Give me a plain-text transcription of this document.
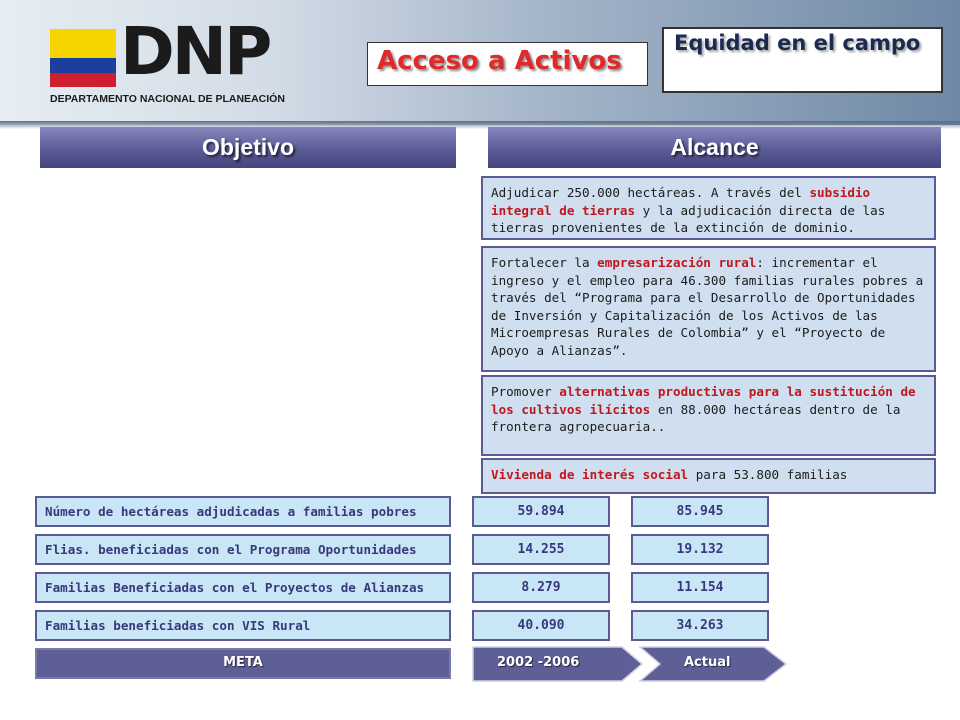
DNP
DEPARTAMENTO NACIONAL DE PLANEACIÓN
Acceso a Activos
Equidad en el campo
Objetivo	Alcance
Adjudicar 250.000 hectáreas. A través del subsidio integral de tierras y la adjudicación directa de las tierras provenientes de la extinción de dominio.
Fortalecer la empresarización rural: incrementar el ingreso y el empleo para 46.300 familias rurales pobres a través del “Programa para el Desarrollo de Oportunidades de Inversión y Capitalización de los Activos de las Microempresas Rurales de Colombia” y el “Proyecto de Apoyo a Alianzas”.
Promover alternativas productivas para la sustitución de los cultivos ilícitos en 88.000 hectáreas dentro de la frontera agropecuaria..
Vivienda de interés social para 53.800 familias
Número de hectáreas adjudicadas a familias pobres	59.894	85.945
Flias. beneficiadas con el Programa Oportunidades	14.255	19.132
Familias Beneficiadas con el Proyectos de Alianzas	8.279	11.154
Familias beneficiadas con VIS Rural	40.090	34.263
META	2002 -2006	Actual
